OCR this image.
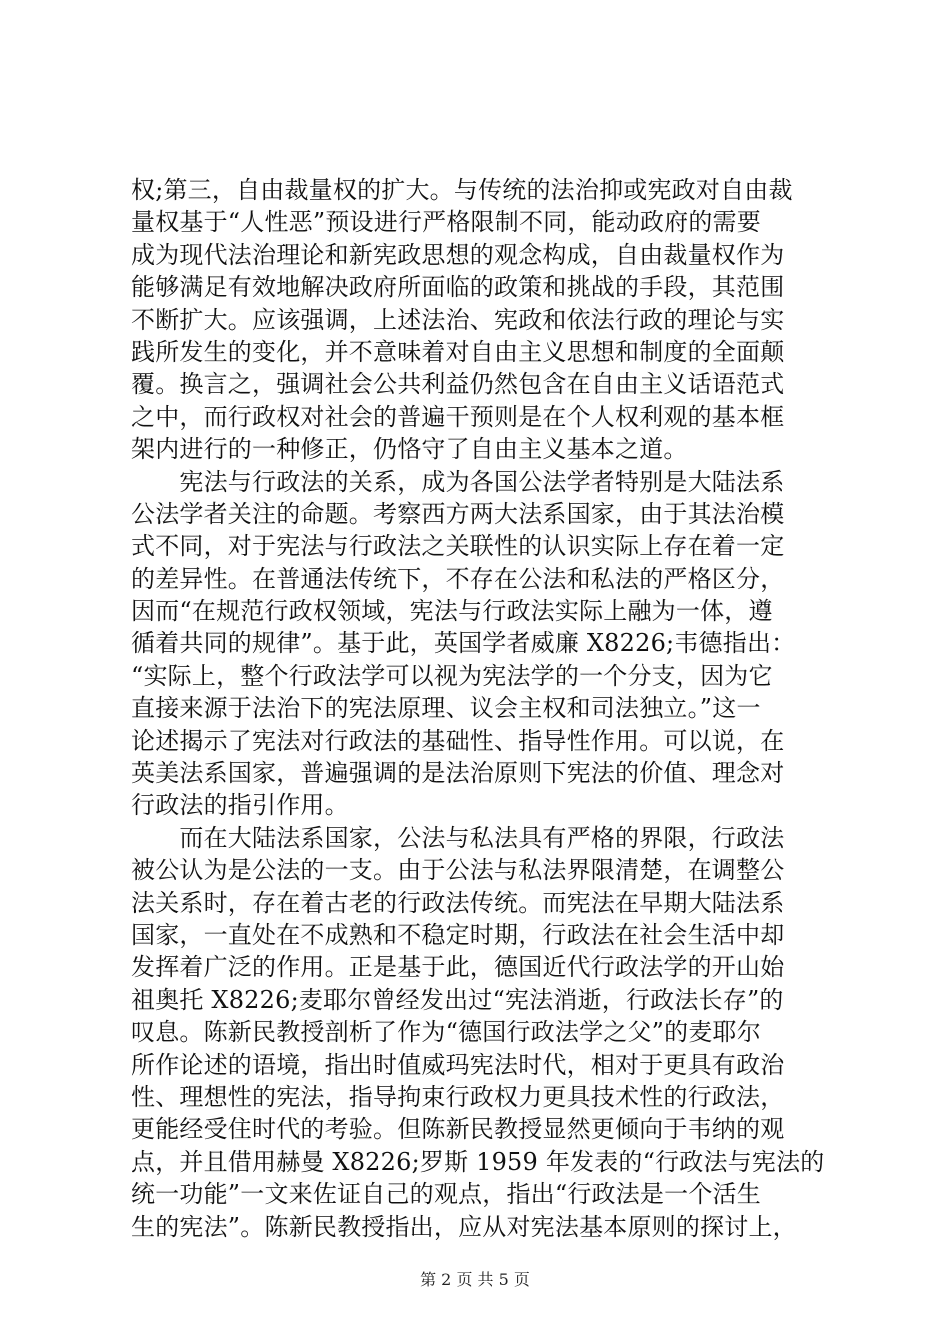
权;第三，自由裁量权的扩大。与传统的法治抑或宪政对自由裁
量权基于“人性恶”预设进行严格限制不同，能动政府的需要
成为现代法治理论和新宪政思想的观念构成，自由裁量权作为
能够满足有效地解决政府所面临的政策和挑战的手段，其范围
不断扩大。应该强调，上述法治、宪政和依法行政的理论与实
践所发生的变化，并不意味着对自由主义思想和制度的全面颠
覆。换言之，强调社会公共利益仍然包含在自由主义话语范式
之中，而行政权对社会的普遍干预则是在个人权利观的基本框
架内进行的一种修正，仍恪守了自由主义基本之道。
　　宪法与行政法的关系，成为各国公法学者特别是大陆法系
公法学者关注的命题。考察西方两大法系国家，由于其法治模
式不同，对于宪法与行政法之关联性的认识实际上存在着一定
的差异性。在普通法传统下，不存在公法和私法的严格区分，
因而“在规范行政权领域，宪法与行政法实际上融为一体，遵
循着共同的规律”。基于此，英国学者威廉 X8226;韦德指出：
“实际上，整个行政法学可以视为宪法学的一个分支，因为它
直接来源于法治下的宪法原理、议会主权和司法独立。”这一
论述揭示了宪法对行政法的基础性、指导性作用。可以说，在
英美法系国家，普遍强调的是法治原则下宪法的价值、理念对
行政法的指引作用。
　　而在大陆法系国家，公法与私法具有严格的界限，行政法
被公认为是公法的一支。由于公法与私法界限清楚，在调整公
法关系时，存在着古老的行政法传统。而宪法在早期大陆法系
国家，一直处在不成熟和不稳定时期，行政法在社会生活中却
发挥着广泛的作用。正是基于此，德国近代行政法学的开山始
祖奥托 X8226;麦耶尔曾经发出过“宪法消逝，行政法长存”的
叹息。陈新民教授剖析了作为“德国行政法学之父”的麦耶尔
所作论述的语境，指出时值威玛宪法时代，相对于更具有政治
性、理想性的宪法，指导拘束行政权力更具技术性的行政法，
更能经受住时代的考验。但陈新民教授显然更倾向于韦纳的观
点，并且借用赫曼 X8226;罗斯 1959 年发表的“行政法与宪法的
统一功能”一文来佐证自己的观点，指出“行政法是一个活生
生的宪法”。陈新民教授指出，应从对宪法基本原则的探讨上，
第 2 页 共 5 页
